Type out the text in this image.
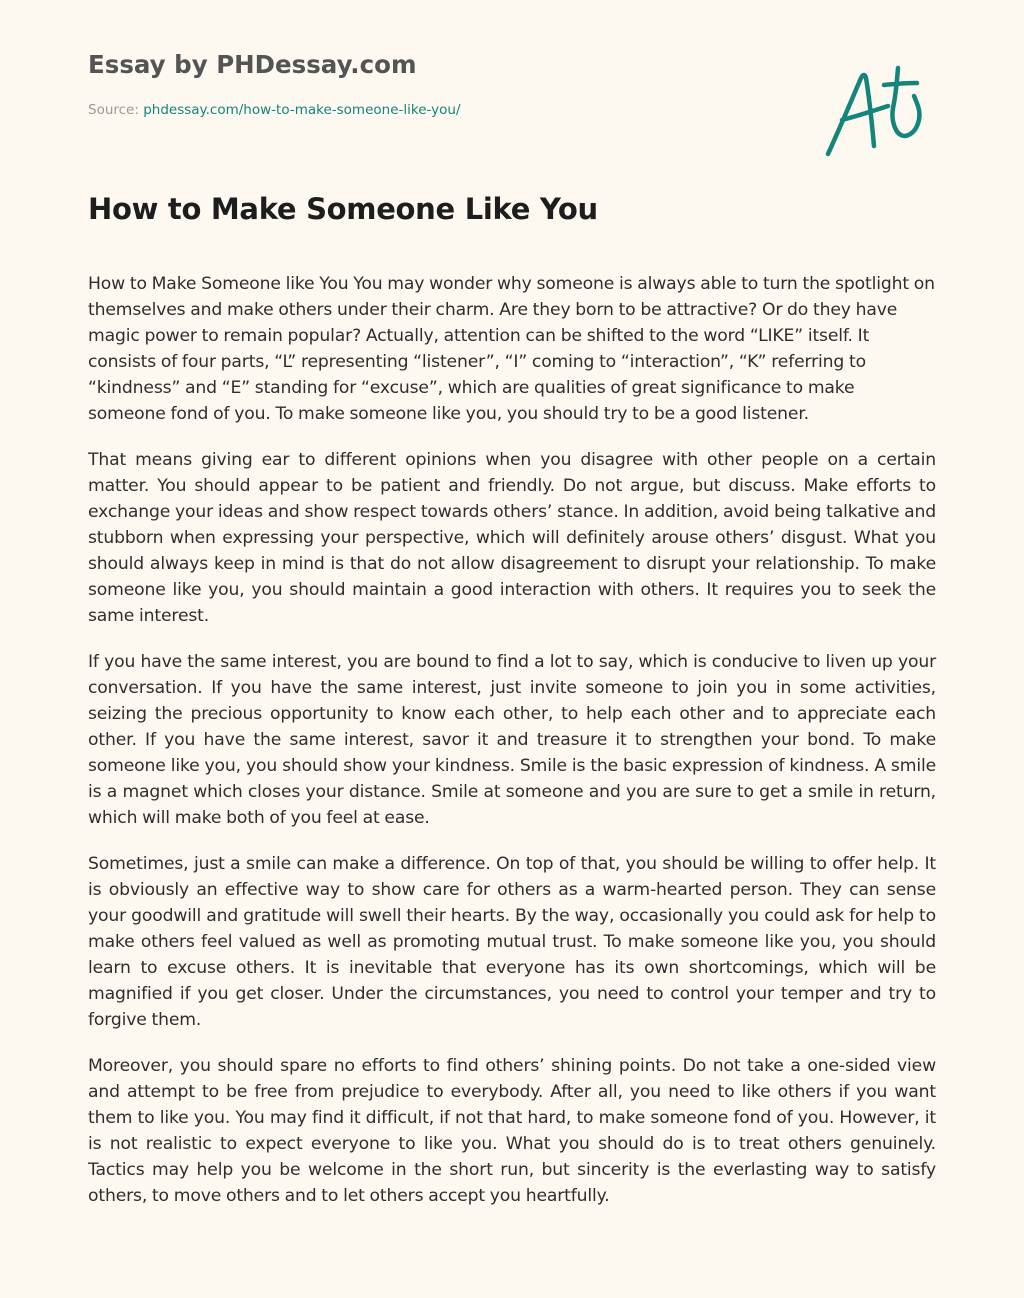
Essay by PHDessay.com
Source: phdessay.com/how-to-make-someone-like-you/
How to Make Someone Like You

How to Make Someone like You You may wonder why someone is always able to turn the spotlight on themselves and make others under their charm. Are they born to be attractive? Or do they have magic power to remain popular? Actually, attention can be shifted to the word “LIKE” itself. It consists of four parts, “L” representing “listener”, “I” coming to “interaction”, “K” referring to “kindness” and “E” standing for “excuse”, which are qualities of great significance to make someone fond of you. To make someone like you, you should try to be a good listener.

That means giving ear to different opinions when you disagree with other people on a certain matter. You should appear to be patient and friendly. Do not argue, but discuss. Make efforts to exchange your ideas and show respect towards others’ stance. In addition, avoid being talkative and stubborn when expressing your perspective, which will definitely arouse others’ disgust. What you should always keep in mind is that do not allow disagreement to disrupt your relationship. To make someone like you, you should maintain a good interaction with others. It requires you to seek the same interest.

If you have the same interest, you are bound to find a lot to say, which is conducive to liven up your conversation. If you have the same interest, just invite someone to join you in some activities, seizing the precious opportunity to know each other, to help each other and to appreciate each other. If you have the same interest, savor it and treasure it to strengthen your bond. To make someone like you, you should show your kindness. Smile is the basic expression of kindness. A smile is a magnet which closes your distance. Smile at someone and you are sure to get a smile in return, which will make both of you feel at ease.

Sometimes, just a smile can make a difference. On top of that, you should be willing to offer help. It is obviously an effective way to show care for others as a warm-hearted person. They can sense your goodwill and gratitude will swell their hearts. By the way, occasionally you could ask for help to make others feel valued as well as promoting mutual trust. To make someone like you, you should learn to excuse others. It is inevitable that everyone has its own shortcomings, which will be magnified if you get closer. Under the circumstances, you need to control your temper and try to forgive them.

Moreover, you should spare no efforts to find others’ shining points. Do not take a one-sided view and attempt to be free from prejudice to everybody. After all, you need to like others if you want them to like you. You may find it difficult, if not that hard, to make someone fond of you. However, it is not realistic to expect everyone to like you. What you should do is to treat others genuinely. Tactics may help you be welcome in the short run, but sincerity is the everlasting way to satisfy others, to move others and to let others accept you heartfully.
